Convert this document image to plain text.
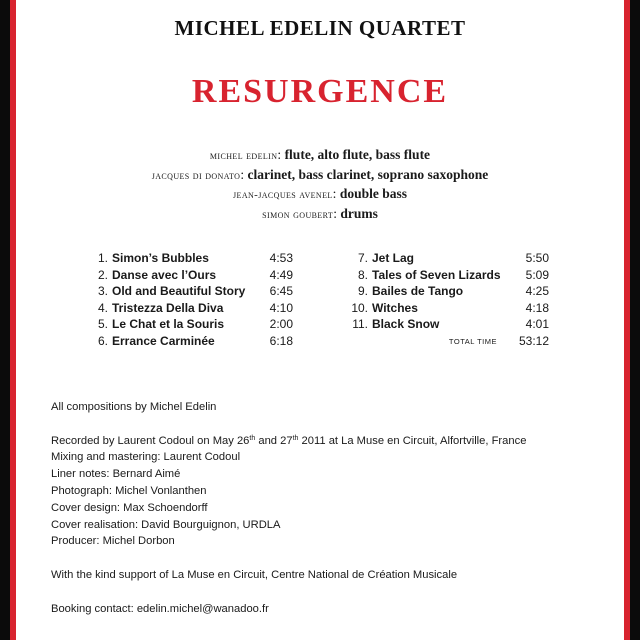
MICHEL EDELIN QUARTET
RESURGENCE
michel edelin: flute, alto flute, bass flute
jacques di donato: clarinet, bass clarinet, soprano saxophone
jean-jacques avenel: double bass
simon goubert: drums
1. Simon’s Bubbles	4:53
2. Danse avec l’Ours	4:49
3. Old and Beautiful Story 6:45
4. Tristezza Della Diva	4:10
5. Le Chat et la Souris	2:00
6. Errance Carminée	6:18
7. Jet Lag	5:50
8. Tales of Seven Lizards 5:09
9. Bailes de Tango	4:25
10. Witches	4:18
11. Black Snow	4:01
TOTAL TIME 53:12
All compositions by Michel Edelin
Recorded by Laurent Codoul on May 26th and 27th 2011 at La Muse en Circuit, Alfortville, France
Mixing and mastering: Laurent Codoul
Liner notes: Bernard Aimé
Photograph: Michel Vonlanthen
Cover design: Max Schoendorff
Cover realisation: David Bourguignon, URDLA
Producer: Michel Dorbon
With the kind support of La Muse en Circuit, Centre National de Création Musicale
Booking contact: edelin.michel@wanadoo.fr
